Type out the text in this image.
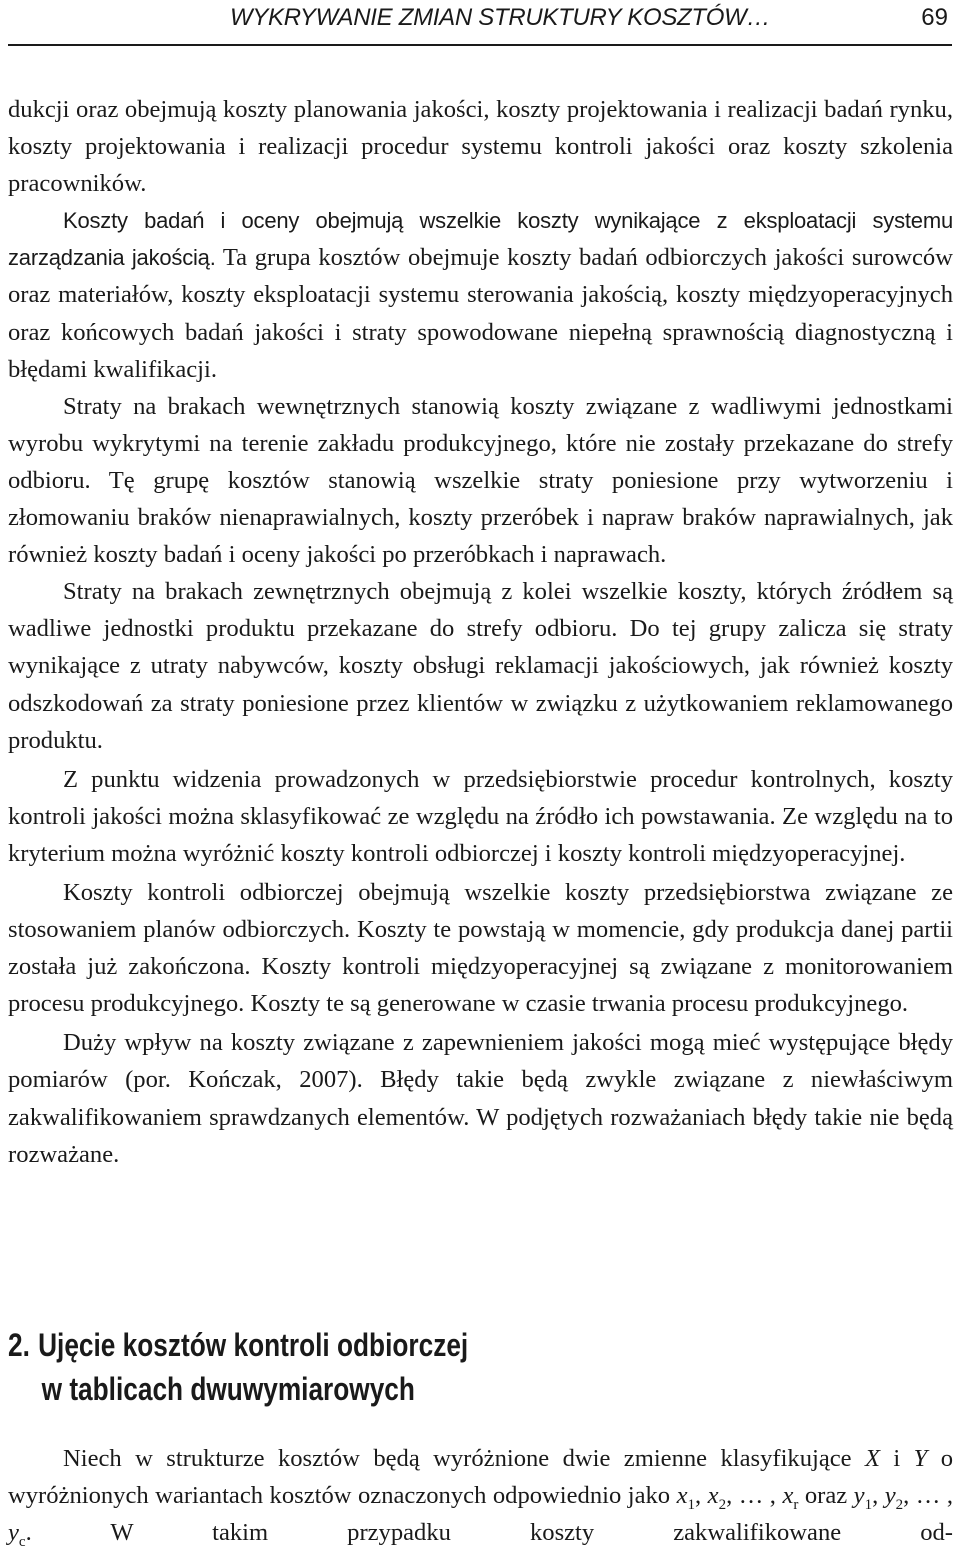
WYKRYWANIE ZMIAN STRUKTURY KOSZTÓW…	69

dukcji oraz obejmują koszty planowania jakości, koszty projektowania i realizacji badań rynku, koszty projektowania i realizacji procedur systemu kontroli jakości oraz koszty szkolenia pracowników.

Koszty badań i oceny obejmują wszelkie koszty wynikające z eksploatacji systemu zarządzania jakością. Ta grupa kosztów obejmuje koszty badań odbiorczych jakości surowców oraz materiałów, koszty eksploatacji systemu sterowania jakością, koszty międzyoperacyjnych oraz końcowych badań jakości i straty spowodowane niepełną sprawnością diagnostyczną i błędami kwalifikacji.

Straty na brakach wewnętrznych stanowią koszty związane z wadliwymi jednostkami wyrobu wykrytymi na terenie zakładu produkcyjnego, które nie zostały przekazane do strefy odbioru. Tę grupę kosztów stanowią wszelkie straty poniesione przy wytworzeniu i złomowaniu braków nienaprawialnych, koszty przeróbek i napraw braków naprawialnych, jak również koszty badań i oceny jakości po przeróbkach i naprawach.

Straty na brakach zewnętrznych obejmują z kolei wszelkie koszty, których źródłem są wadliwe jednostki produktu przekazane do strefy odbioru. Do tej grupy zalicza się straty wynikające z utraty nabywców, koszty obsługi reklamacji jakościowych, jak również koszty odszkodowań za straty poniesione przez klientów w związku z użytkowaniem reklamowanego produktu.

Z punktu widzenia prowadzonych w przedsiębiorstwie procedur kontrolnych, koszty kontroli jakości można sklasyfikować ze względu na źródło ich powstawania. Ze względu na to kryterium można wyróżnić koszty kontroli odbiorczej i koszty kontroli międzyoperacyjnej.

Koszty kontroli odbiorczej obejmują wszelkie koszty przedsiębiorstwa związane ze stosowaniem planów odbiorczych. Koszty te powstają w momencie, gdy produkcja danej partii została już zakończona. Koszty kontroli międzyoperacyjnej są związane z monitorowaniem procesu produkcyjnego. Koszty te są generowane w czasie trwania procesu produkcyjnego.

Duży wpływ na koszty związane z zapewnieniem jakości mogą mieć występujące błędy pomiarów (por. Kończak, 2007). Błędy takie będą zwykle związane z niewłaściwym zakwalifikowaniem sprawdzanych elementów. W podjętych rozważaniach błędy takie nie będą rozważane.

2. Ujęcie kosztów kontroli odbiorczej
w tablicach dwuwymiarowych

Niech w strukturze kosztów będą wyróżnione dwie zmienne klasyfikujące X i Y o wyróżnionych wariantach kosztów oznaczonych odpowiednio jako $x_1$, $x_2$, … , $x_r$ oraz $y_1$, $y_2$, … , $y_c$. W takim przypadku koszty zakwalifikowane od-
